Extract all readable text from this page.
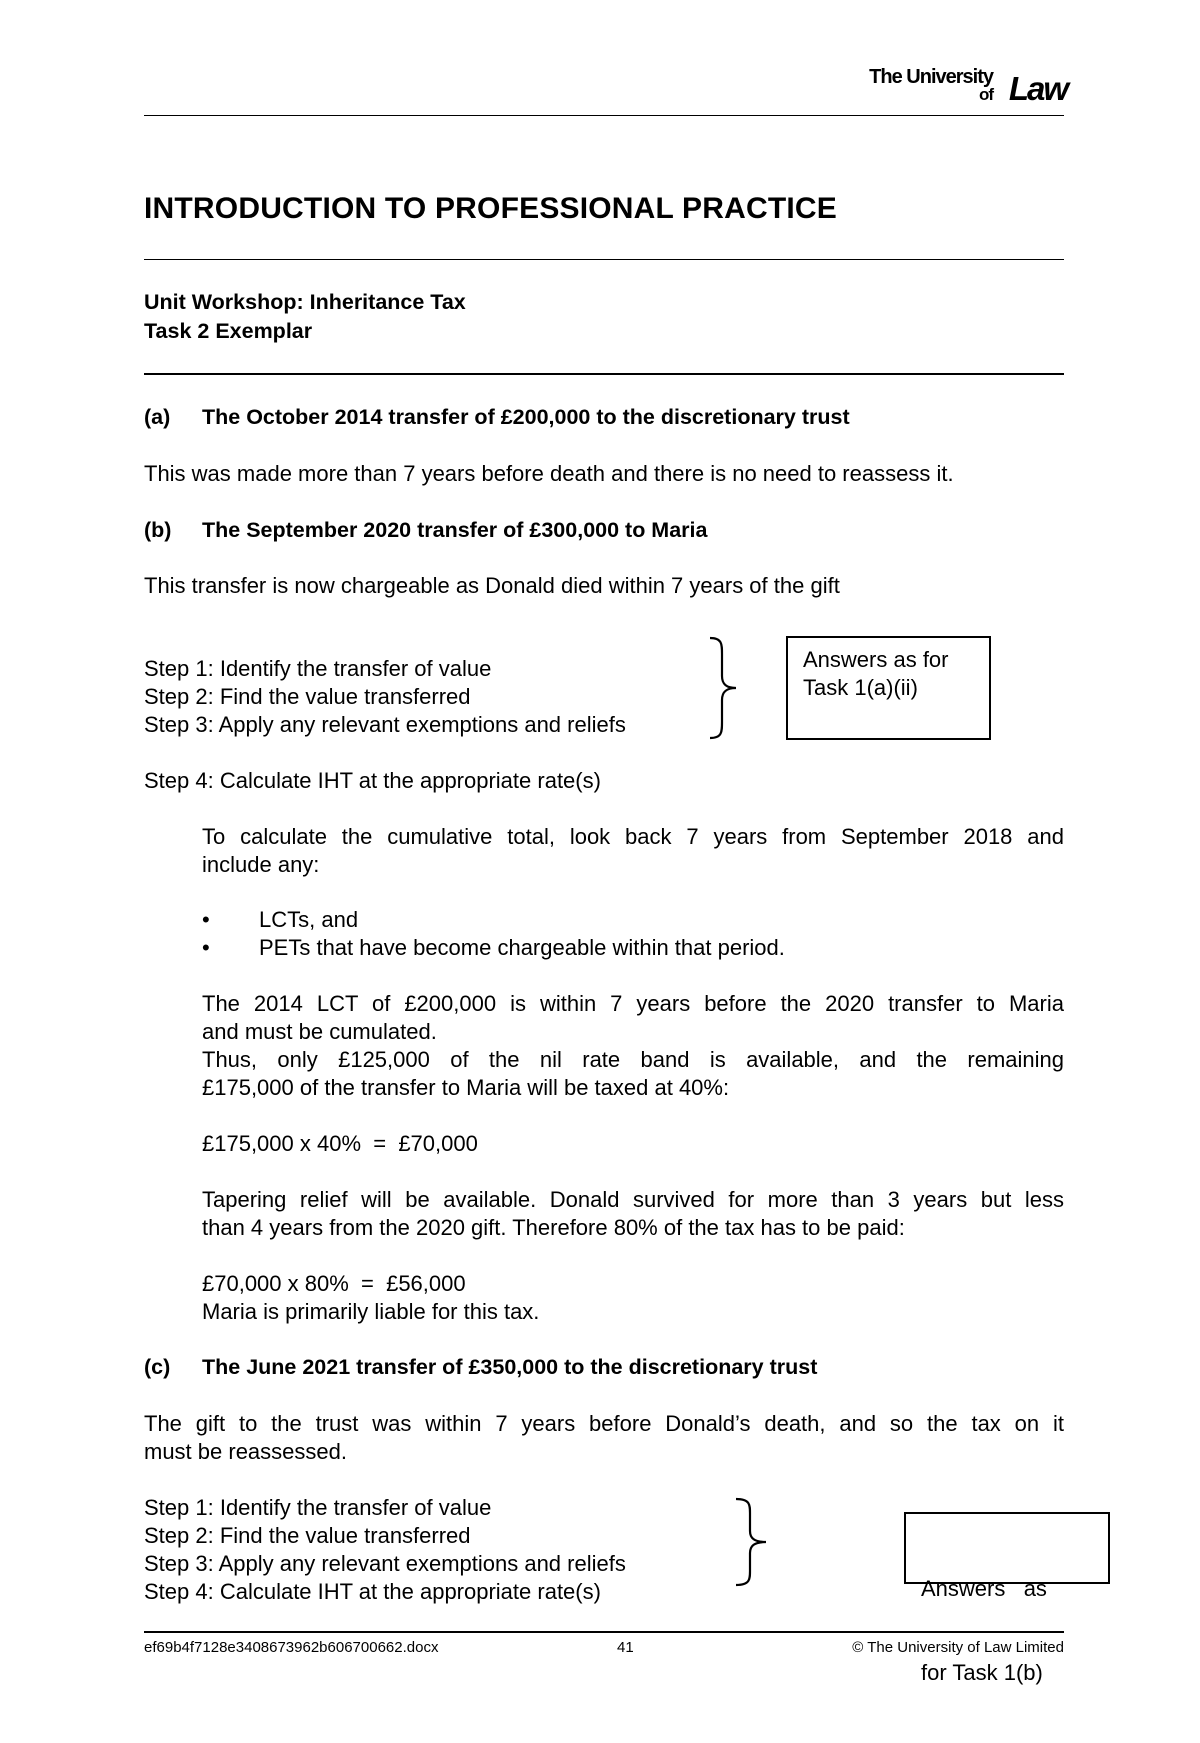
The University
of Law
INTRODUCTION TO PROFESSIONAL PRACTICE
Unit Workshop: Inheritance Tax
Task 2 Exemplar
(a) The October 2014 transfer of £200,000 to the discretionary trust
This was made more than 7 years before death and there is no need to reassess it.
(b) The September 2020 transfer of £300,000 to Maria
This transfer is now chargeable as Donald died within 7 years of the gift
Step 1: Identify the transfer of value
Step 2: Find the value transferred
Step 3: Apply any relevant exemptions and reliefs
Answers as for
Task 1(a)(ii)
Step 4: Calculate IHT at the appropriate rate(s)
To calculate the cumulative total, look back 7 years from September 2018 and
include any:
• LCTs, and
• PETs that have become chargeable within that period.
The 2014 LCT of £200,000 is within 7 years before the 2020 transfer to Maria
and must be cumulated.
Thus, only £125,000 of the nil rate band is available, and the remaining
£175,000 of the transfer to Maria will be taxed at 40%:
£175,000 x 40%  =  £70,000
Tapering relief will be available. Donald survived for more than 3 years but less
than 4 years from the 2020 gift. Therefore 80% of the tax has to be paid:
£70,000 x 80%  =  £56,000
Maria is primarily liable for this tax.
(c) The June 2021 transfer of £350,000 to the discretionary trust
The gift to the trust was within 7 years before Donald’s death, and so the tax on it
must be reassessed.
Step 1: Identify the transfer of value
Step 2: Find the value transferred
Step 3: Apply any relevant exemptions and reliefs
Step 4: Calculate IHT at the appropriate rate(s)

	Answers   as

for Task 1(b)

ef69b4f7128e3408673962b606700662.docx	41	© The University of Law Limited
